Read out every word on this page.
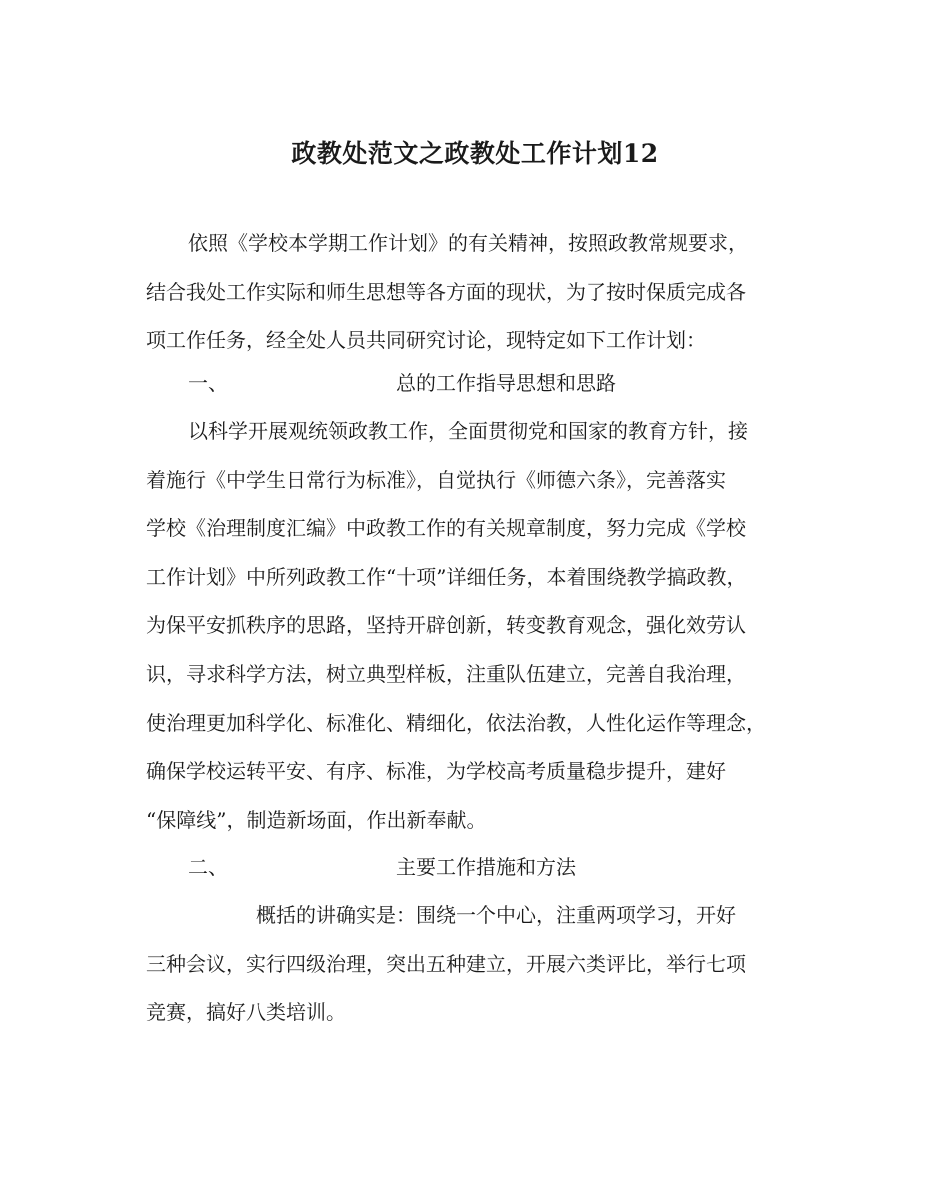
政教处范文之政教处工作计划12
依照《学校本学期工作计划》的有关精神，按照政教常规要求，
结合我处工作实际和师生思想等各方面的现状，为了按时保质完成各
项工作任务，经全处人员共同研究讨论，现特定如下工作计划：
一、	总的工作指导思想和思路
以科学开展观统领政教工作，全面贯彻党和国家的教育方针，接
着施行《中学生日常行为标准》，自觉执行《师德六条》，完善落实
学校《治理制度汇编》中政教工作的有关规章制度，努力完成《学校
工作计划》中所列政教工作“十项”详细任务，本着围绕教学搞政教，
为保平安抓秩序的思路，坚持开辟创新，转变教育观念，强化效劳认
识，寻求科学方法，树立典型样板，注重队伍建立，完善自我治理，
使治理更加科学化、标准化、精细化，依法治教，人性化运作等理念，
确保学校运转平安、有序、标准，为学校高考质量稳步提升，建好
“保障线”，制造新场面，作出新奉献。
二、	主要工作措施和方法
概括的讲确实是：围绕一个中心，注重两项学习，开好
三种会议，实行四级治理，突出五种建立，开展六类评比，举行七项
竞赛，搞好八类培训。
